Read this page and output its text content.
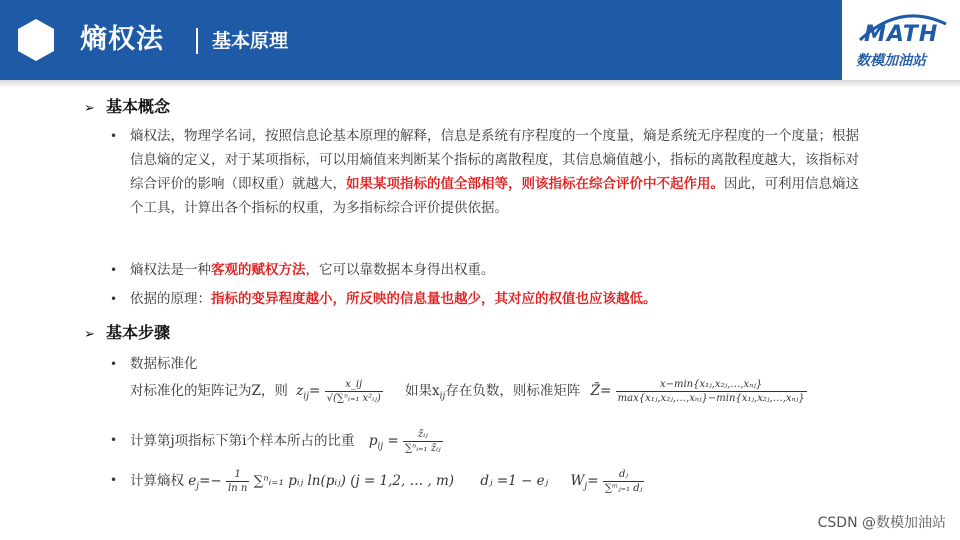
熵权法	基本原理	MATH
数模加油站
➢ 基本概念
• 熵权法，物理学名词，按照信息论基本原理的解释，信息是系统有序程度的一个度量，熵是系统无序程度的一个度量；根据信息熵的定义，对于某项指标，可以用熵值来判断某个指标的离散程度，其信息熵值越小，指标的离散程度越大，该指标对综合评价的影响（即权重）就越大，如果某项指标的值全部相等，则该指标在综合评价中不起作用。因此，可利用信息熵这个工具，计算出各个指标的权重，为多指标综合评价提供依据。
• 熵权法是一种客观的赋权方法，它可以靠数据本身得出权重。
• 依据的原理：指标的变异程度越小，所反映的信息量也越少，其对应的权值也应该越低。
➢ 基本步骤
• 数据标准化
对标准化的矩阵记为Z，则 $z_{ij}= \frac{x\_ij}{\text{√(∑ⁿᵢ₌₁ x²ᵢⱼ)}}$ 如果$x_{ij}$存在负数，则标准矩阵 Z̃= $\frac{\text{x−min\{x₁ⱼ,x₂ⱼ,…,xₙⱼ\}}}{\text{max\{x₁ⱼ,x₂ⱼ,…,xₙⱼ\}−min\{x₁ⱼ,x₂ⱼ,…,xₙⱼ\}}}$
• 计算第j项指标下第i个样本所占的比重 $p_{ij} = \frac{\text{z̃ᵢⱼ}}{\text{∑ⁿᵢ₌₁ z̃ᵢⱼ}}$
• 计算熵权 $e_j=- \frac{1}{\text{ln n}}$ ∑ⁿᵢ₌₁ pᵢⱼ ln(pᵢⱼ) (j = 1,2, … , m) dⱼ =1 − eⱼ $W_j= \frac{\text{dⱼ}}{\text{∑ᵐⱼ₌₁ dⱼ}}$
CSDN @数模加油站
